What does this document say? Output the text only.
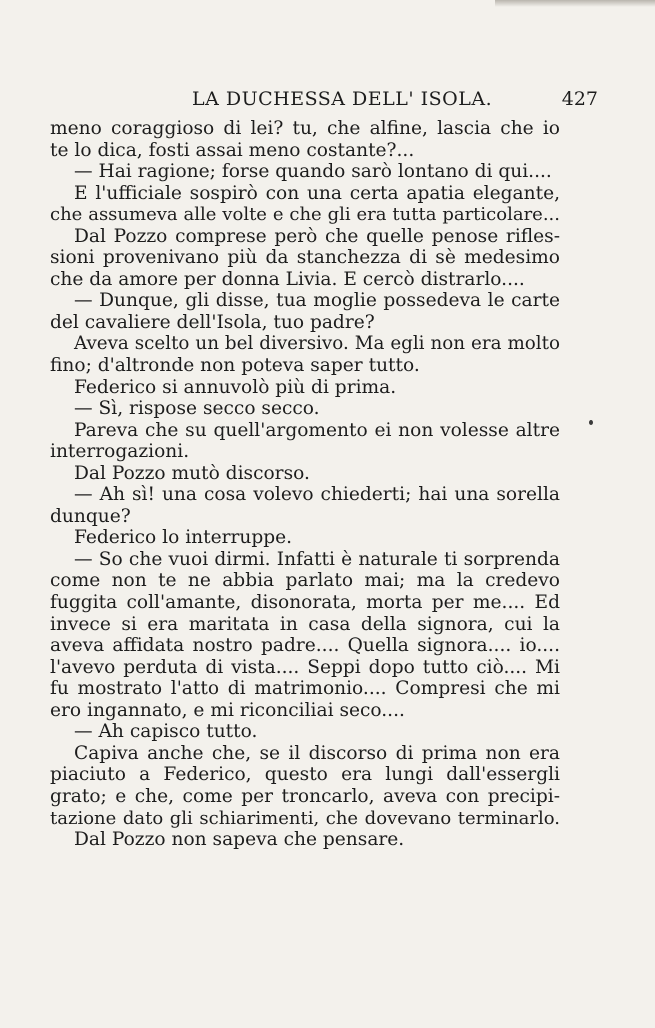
LA DUCHESSA DELL' ISOLA.	427
meno coraggioso di lei? tu, che alfine, lascia che io
te lo dica, fosti assai meno costante?...
— Hai ragione; forse quando sarò lontano di qui....
E l'ufficiale sospirò con una certa apatia elegante,
che assumeva alle volte e che gli era tutta particolare...
Dal Pozzo comprese però che quelle penose rifles-
sioni provenivano più da stanchezza di sè medesimo
che da amore per donna Livia. E cercò distrarlo....
— Dunque, gli disse, tua moglie possedeva le carte
del cavaliere dell'Isola, tuo padre?
Aveva scelto un bel diversivo. Ma egli non era molto
fino; d'altronde non poteva saper tutto.
Federico si annuvolò più di prima.
— Sì, rispose secco secco.
Pareva che su quell'argomento ei non volesse altre
interrogazioni.
Dal Pozzo mutò discorso.
— Ah sì! una cosa volevo chiederti; hai una sorella
dunque?
Federico lo interruppe.
— So che vuoi dirmi. Infatti è naturale ti sorprenda
come non te ne abbia parlato mai; ma la credevo
fuggita coll'amante, disonorata, morta per me.... Ed
invece si era maritata in casa della signora, cui la
aveva affidata nostro padre.... Quella signora.... io....
l'avevo perduta di vista.... Seppi dopo tutto ciò.... Mi
fu mostrato l'atto di matrimonio.... Compresi che mi
ero ingannato, e mi riconciliai seco....
— Ah capisco tutto.
Capiva anche che, se il discorso di prima non era
piaciuto a Federico, questo era lungi dall'essergli
grato; e che, come per troncarlo, aveva con precipi-
tazione dato gli schiarimenti, che dovevano terminarlo.
Dal Pozzo non sapeva che pensare.
